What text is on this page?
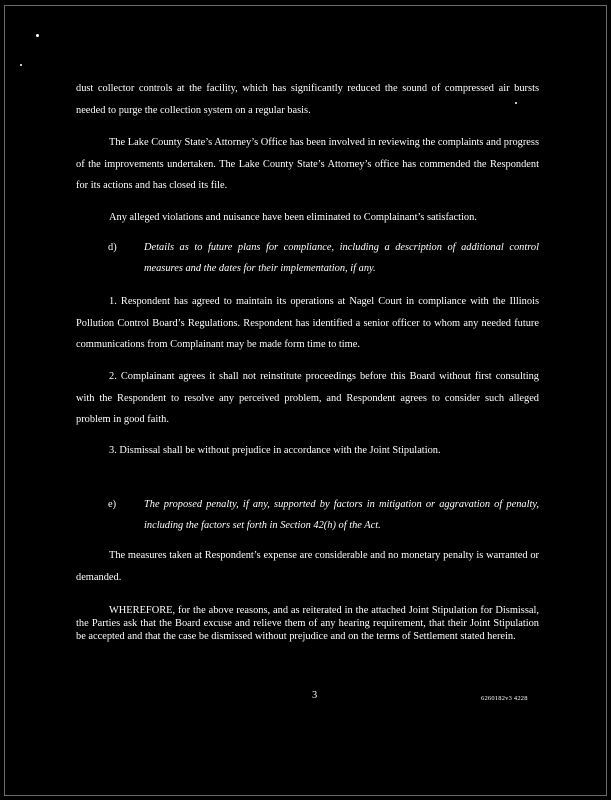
dust collector controls at the facility, which has significantly reduced the sound of compressed air bursts needed to purge the collection system on a regular basis.

The Lake County State’s Attorney’s Office has been involved in reviewing the complaints and progress of the improvements undertaken. The Lake County State’s Attorney’s office has commended the Respondent for its actions and has closed its file.

Any alleged violations and nuisance have been eliminated to Complainant’s satisfaction.

d)	Details as to future plans for compliance, including a description of additional control measures and the dates for their implementation, if any.

1. Respondent has agreed to maintain its operations at Nagel Court in compliance with the Illinois Pollution Control Board’s Regulations. Respondent has identified a senior officer to whom any needed future communications from Complainant may be made form time to time.

2. Complainant agrees it shall not reinstitute proceedings before this Board without first consulting with the Respondent to resolve any perceived problem, and Respondent agrees to consider such alleged problem in good faith.

3. Dismissal shall be without prejudice in accordance with the Joint Stipulation.

e)	The proposed penalty, if any, supported by factors in mitigation or aggravation of penalty, including the factors set forth in Section 42(h) of the Act.

The measures taken at Respondent’s expense are considerable and no monetary penalty is warranted or demanded.

WHEREFORE, for the above reasons, and as reiterated in the attached Joint Stipulation for Dismissal, the Parties ask that the Board excuse and relieve them of any hearing requirement, that their Joint Stipulation be accepted and that the case be dismissed without prejudice and on the terms of Settlement stated herein.

3	6260182v3 4228
